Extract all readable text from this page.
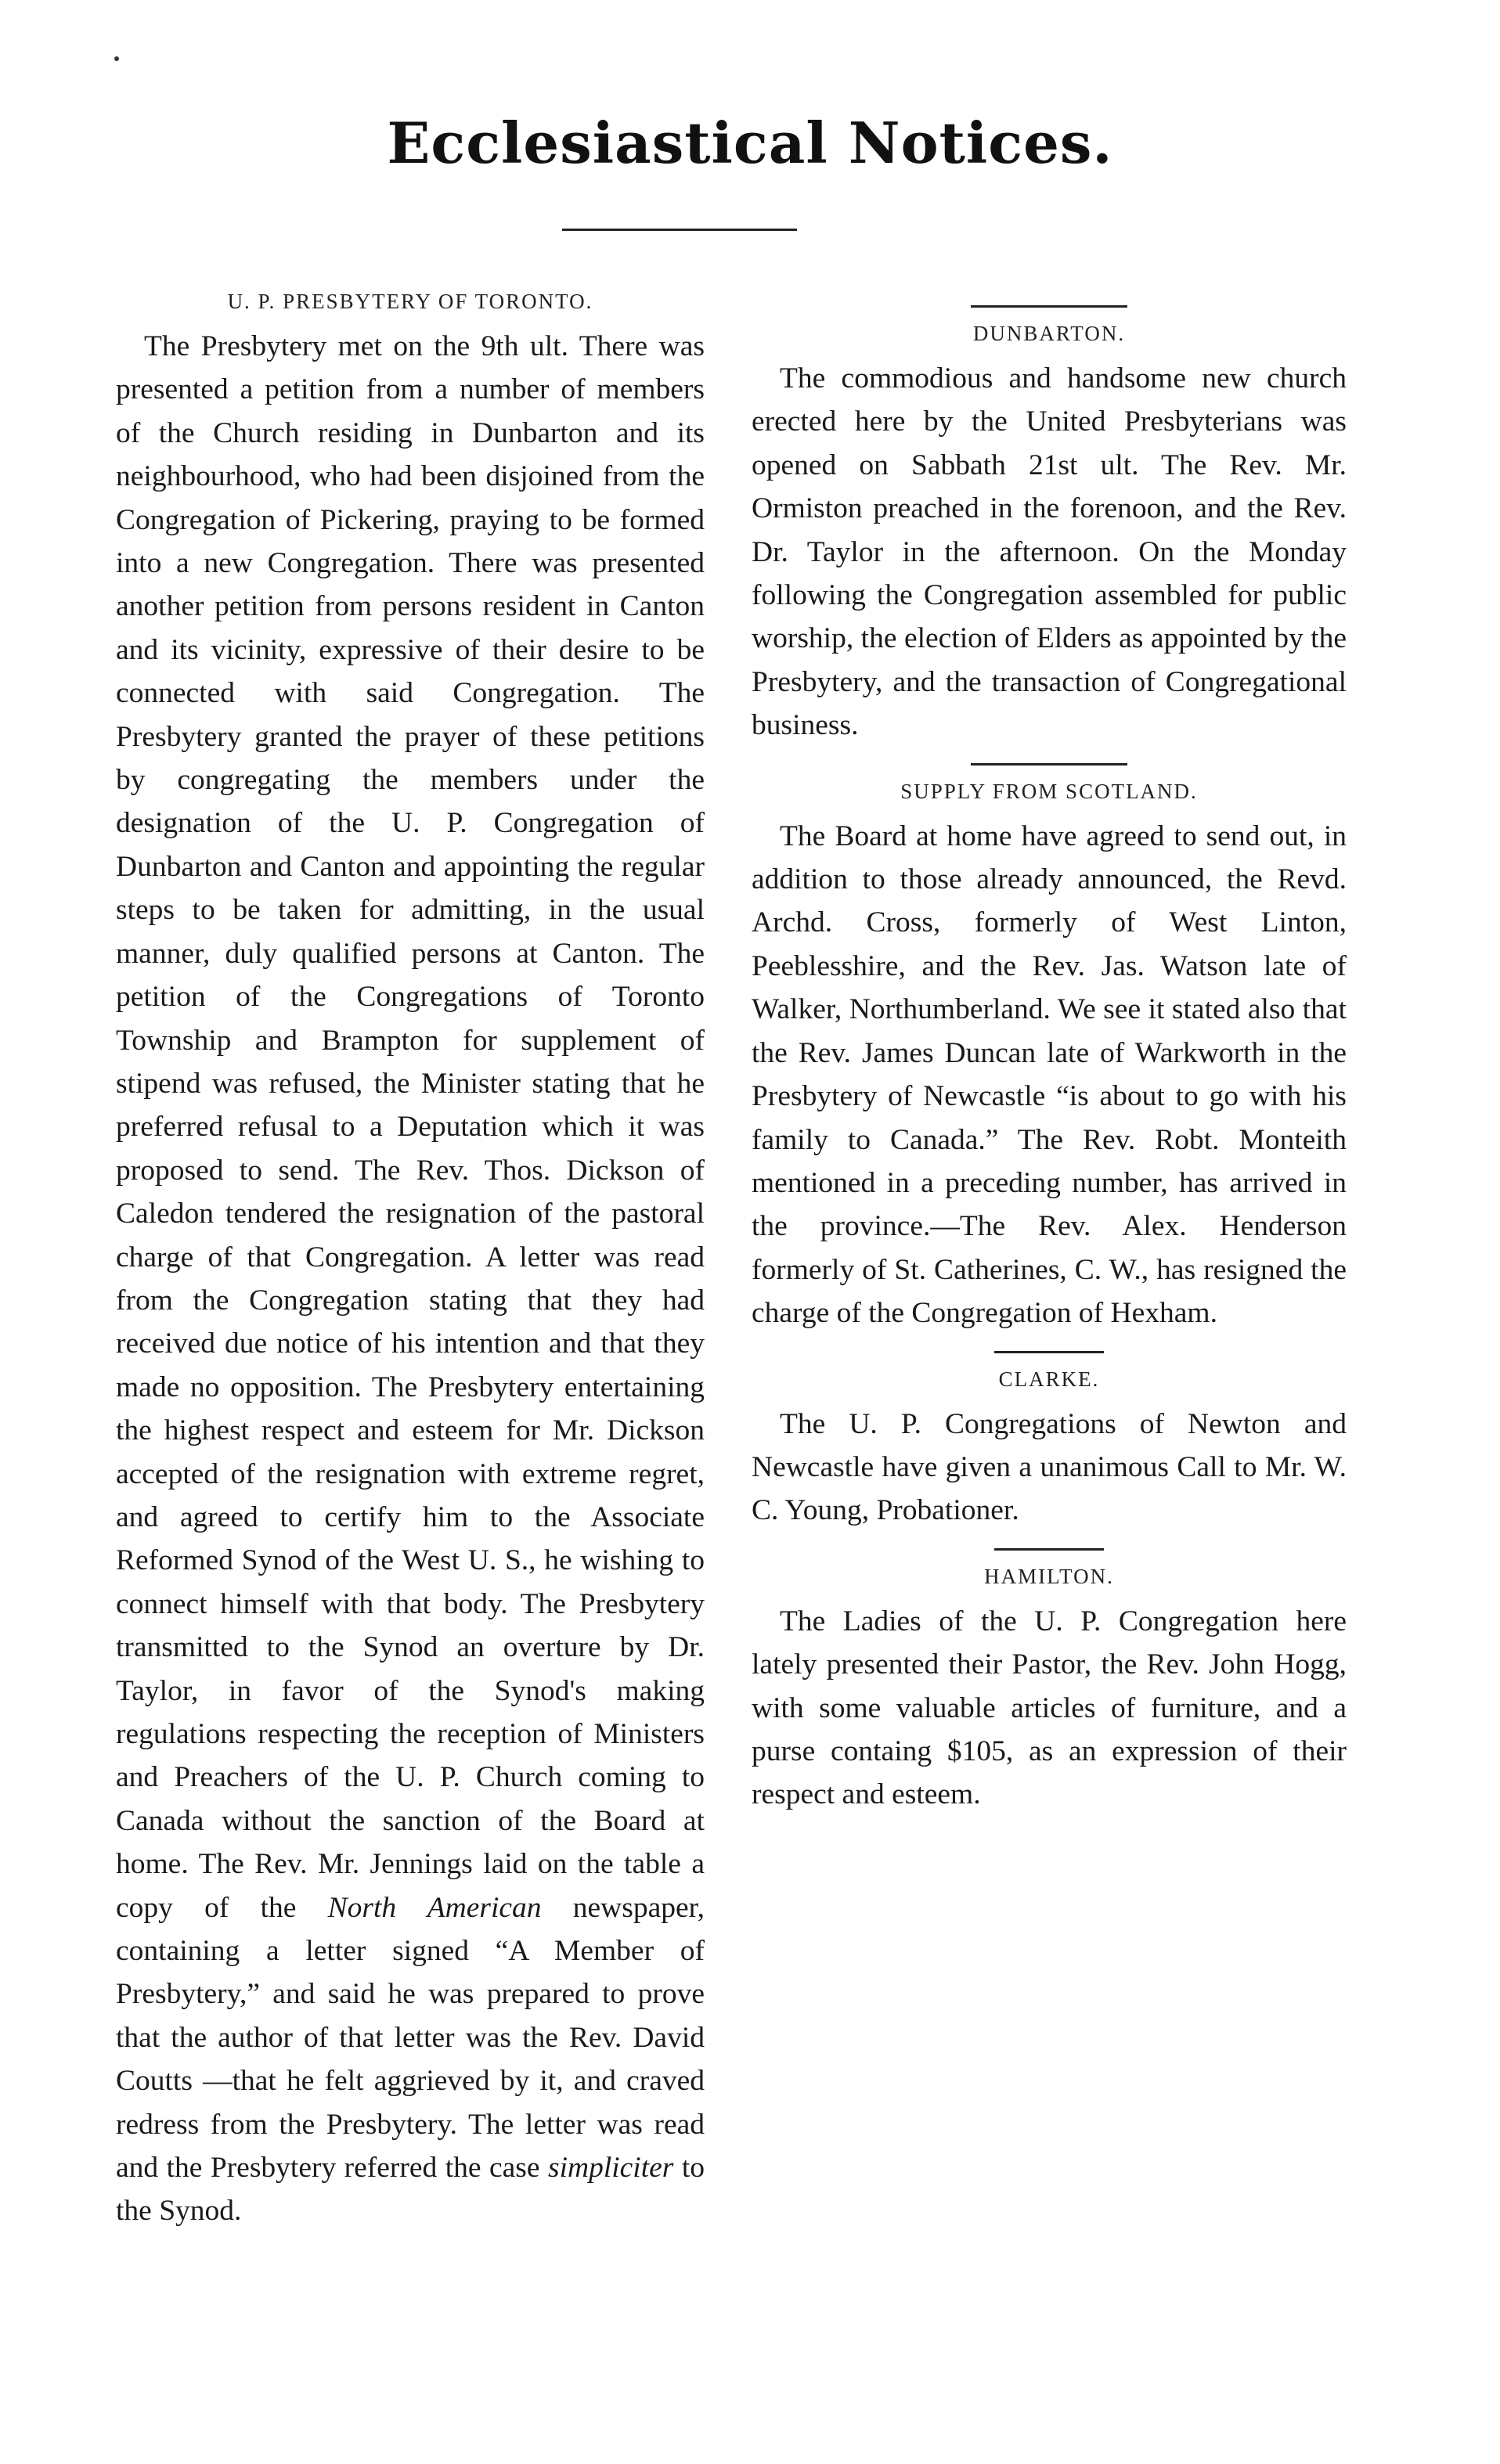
Ecclesiastical Notices.
U. P. PRESBYTERY OF TORONTO.

The Presbytery met on the 9th ult. There was presented a petition from a number of members of the Church residing in Dunbarton and its neighbourhood, who had been disjoined from the Congregation of Pickering, praying to be formed into a new Congregation. There was presented another petition from persons resident in Canton and its vicinity, expressive of their desire to be connected with said Congregation. The Presbytery granted the prayer of these petitions by congregating the members under the designation of the U. P. Congregation of Dunbarton and Canton and appointing the regular steps to be taken for admitting, in the usual manner, duly qualified persons at Canton. The petition of the Congregations of Toronto Township and Brampton for supplement of stipend was refused, the Minister stating that he preferred refusal to a Deputation which it was proposed to send. The Rev. Thos. Dickson of Caledon tendered the resignation of the pastoral charge of that Congregation. A letter was read from the Congregation stating that they had received due notice of his intention and that they made no opposition. The Presbytery entertaining the highest respect and esteem for Mr. Dickson accepted of the resignation with extreme regret, and agreed to certify him to the Associate Reformed Synod of the West U. S., he wishing to connect himself with that body. The Presbytery transmitted to the Synod an overture by Dr. Taylor, in favor of the Synod's making regulations respecting the reception of Ministers and Preachers of the U. P. Church coming to Canada without the sanction of the Board at home. The Rev. Mr. Jennings laid on the table a copy of the North American newspaper, containing a letter signed “A Member of Presbytery,” and said he was prepared to prove that the author of that letter was the Rev. David Coutts —that he felt aggrieved by it, and craved redress from the Presbytery. The letter was read and the Presbytery referred the case simpliciter to the Synod.

DUNBARTON.

The commodious and handsome new church erected here by the United Presbyterians was opened on Sabbath 21st ult. The Rev. Mr. Ormiston preached in the forenoon, and the Rev. Dr. Taylor in the afternoon. On the Monday following the Congregation assembled for public worship, the election of Elders as appointed by the Presbytery, and the transaction of Congregational business.

SUPPLY FROM SCOTLAND.

The Board at home have agreed to send out, in addition to those already announced, the Revd. Archd. Cross, formerly of West Linton, Peeblesshire, and the Rev. Jas. Watson late of Walker, Northumberland. We see it stated also that the Rev. James Duncan late of Warkworth in the Presbytery of Newcastle “is about to go with his family to Canada.” The Rev. Robt. Monteith mentioned in a preceding number, has arrived in the province.—The Rev. Alex. Henderson formerly of St. Catherines, C. W., has resigned the charge of the Congregation of Hexham.

CLARKE.

The U. P. Congregations of Newton and Newcastle have given a unanimous Call to Mr. W. C. Young, Probationer.

HAMILTON.

The Ladies of the U. P. Congregation here lately presented their Pastor, the Rev. John Hogg, with some valuable articles of furniture, and a purse containg $105, as an expression of their respect and esteem.
